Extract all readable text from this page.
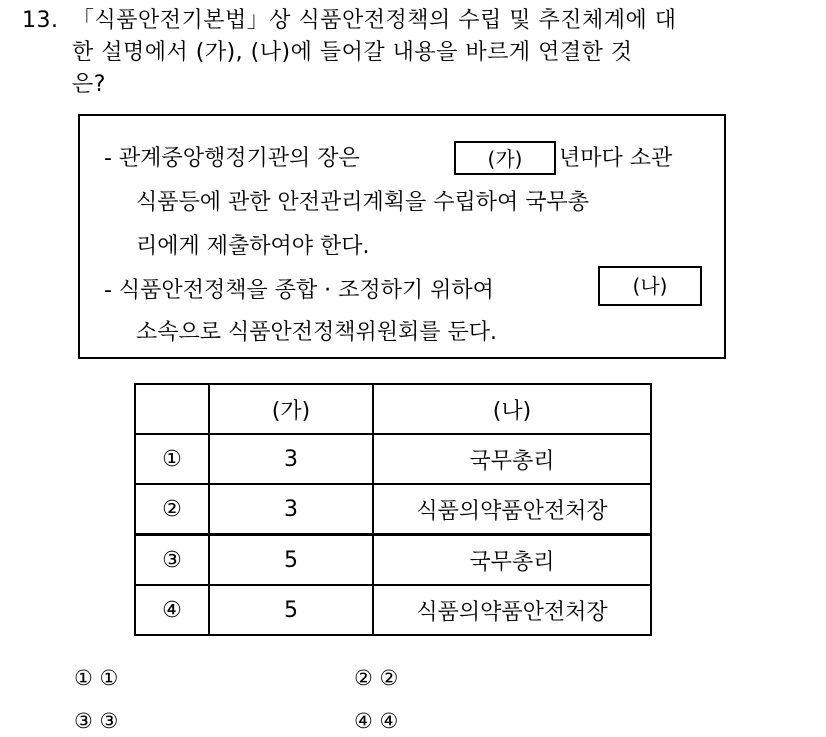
13. 「식품안전기본법」상 식품안전정책의 수립 및 추진체계에 대
한 설명에서 (가), (나)에 들어갈 내용을 바르게 연결한 것
은?
- 관계중앙행정기관의 장은	(가)	년마다 소관
식품등에 관한 안전관리계획을 수립하여 국무총
리에게 제출하여야 한다.
- 식품안전정책을 종합 · 조정하기 위하여	(나)
소속으로 식품안전정책위원회를 둔다.
	(가)	(나)
①	3	국무총리
②	3	식품의약품안전처장
③	5	국무총리
④	5	식품의약품안전처장
① ①	② ②
③ ③	④ ④
